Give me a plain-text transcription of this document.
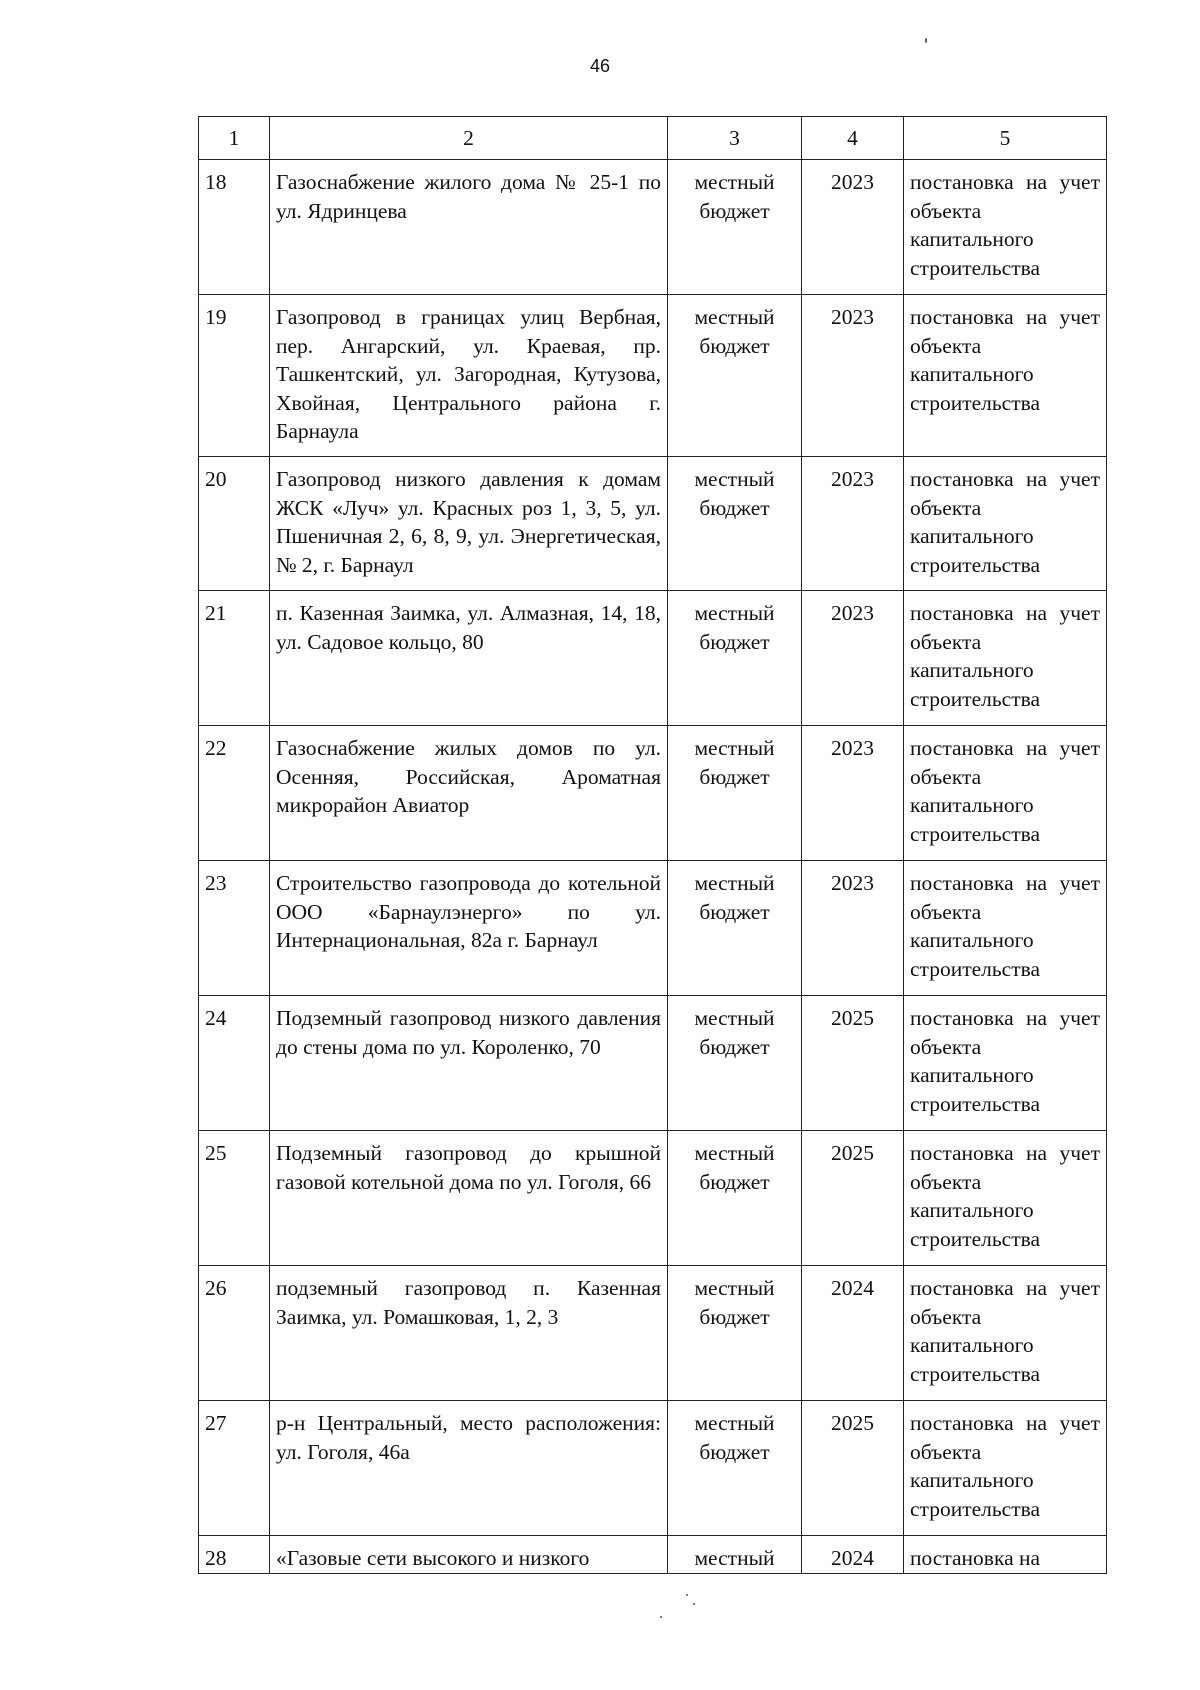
46
1	2	3	4	5
18	Газоснабжение жилого дома № 25-1 по ул. Ядринцева	местный бюджет	2023	постановка на учет объекта капитального строительства
19	Газопровод в границах улиц Вербная, пер. Ангарский, ул. Краевая, пр. Ташкентский, ул. Загородная, Кутузова, Хвойная, Центрального района г. Барнаула	местный бюджет	2023	постановка на учет объекта капитального строительства
20	Газопровод низкого давления к домам ЖСК «Луч» ул. Красных роз 1, 3, 5, ул. Пшеничная 2, 6, 8, 9, ул. Энергетическая, № 2, г. Барнаул	местный бюджет	2023	постановка на учет объекта капитального строительства
21	п. Казенная Заимка, ул. Алмазная, 14, 18, ул. Садовое кольцо, 80	местный бюджет	2023	постановка на учет объекта капитального строительства
22	Газоснабжение жилых домов по ул. Осенняя, Российская, Ароматная микрорайон Авиатор	местный бюджет	2023	постановка на учет объекта капитального строительства
23	Строительство газопровода до котельной ООО «Барнаулэнерго» по ул. Интернациональная, 82а г. Барнаул	местный бюджет	2023	постановка на учет объекта капитального строительства
24	Подземный газопровод низкого давления до стены дома по ул. Короленко, 70	местный бюджет	2025	постановка на учет объекта капитального строительства
25	Подземный газопровод до крышной газовой котельной дома по ул. Гоголя, 66	местный бюджет	2025	постановка на учет объекта капитального строительства
26	подземный газопровод п. Казенная Заимка, ул. Ромашковая, 1, 2, 3	местный бюджет	2024	постановка на учет объекта капитального строительства
27	р-н Центральный, место расположения: ул. Гоголя, 46а	местный бюджет	2025	постановка на учет объекта капитального строительства
28	«Газовые сети высокого и низкого	местный	2024	постановка на
